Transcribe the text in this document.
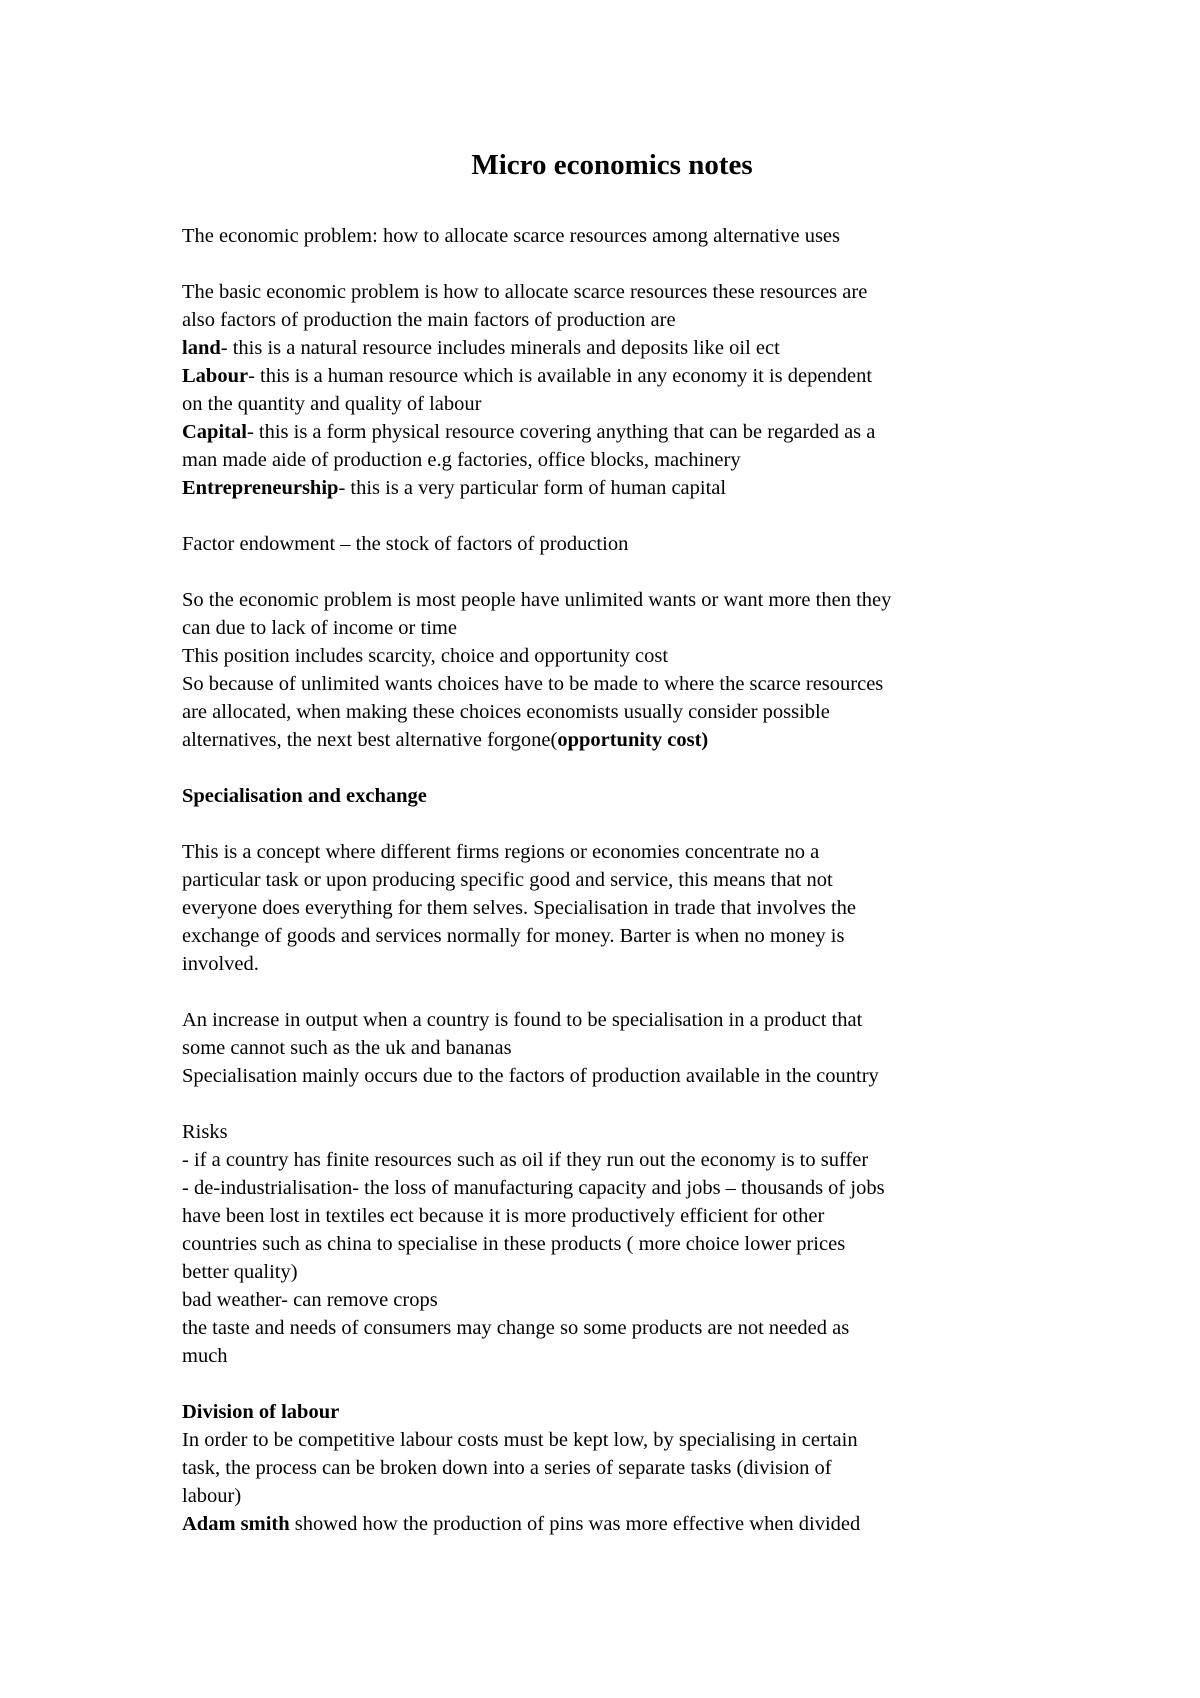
Micro economics notes

The economic problem: how to allocate scarce resources among alternative uses

The basic economic problem is how to allocate scarce resources these resources are

also factors of production the main factors of production are

land- this is a natural resource includes minerals and deposits like oil ect

Labour- this is a human resource which is available in any economy it is dependent

on the quantity and quality of labour

Capital- this is a form physical resource covering anything that can be regarded as a

man made aide of production e.g factories, office blocks, machinery

Entrepreneurship- this is a very particular form of human capital

Factor endowment – the stock of factors of production

So the economic problem is most people have unlimited wants or want more then they

can due to lack of income or time

This position includes scarcity, choice and opportunity cost

So because of unlimited wants choices have to be made to where the scarce resources

are allocated, when making these choices economists usually consider possible

alternatives, the next best alternative forgone(opportunity cost)

Specialisation and exchange

This is a concept where different firms regions or economies concentrate no a

particular task or upon producing specific good and service, this means that not

everyone does everything for them selves. Specialisation in trade that involves the

exchange of goods and services normally for money. Barter is when no money is

involved.

An increase in output when a country is found to be specialisation in a product that

some cannot such as the uk and bananas

Specialisation mainly occurs due to the factors of production available in the country

Risks

- if a country has finite resources such as oil if they run out the economy is to suffer

- de-industrialisation- the loss of manufacturing capacity and jobs – thousands of jobs

have been lost in textiles ect because it is more productively efficient for other

countries such as china to specialise in these products ( more choice lower prices

better quality)

bad weather- can remove crops

the taste and needs of consumers may change so some products are not needed as

much

Division of labour

In order to be competitive labour costs must be kept low, by specialising in certain

task, the process can be broken down into a series of separate tasks (division of

labour)

Adam smith showed how the production of pins was more effective when divided
